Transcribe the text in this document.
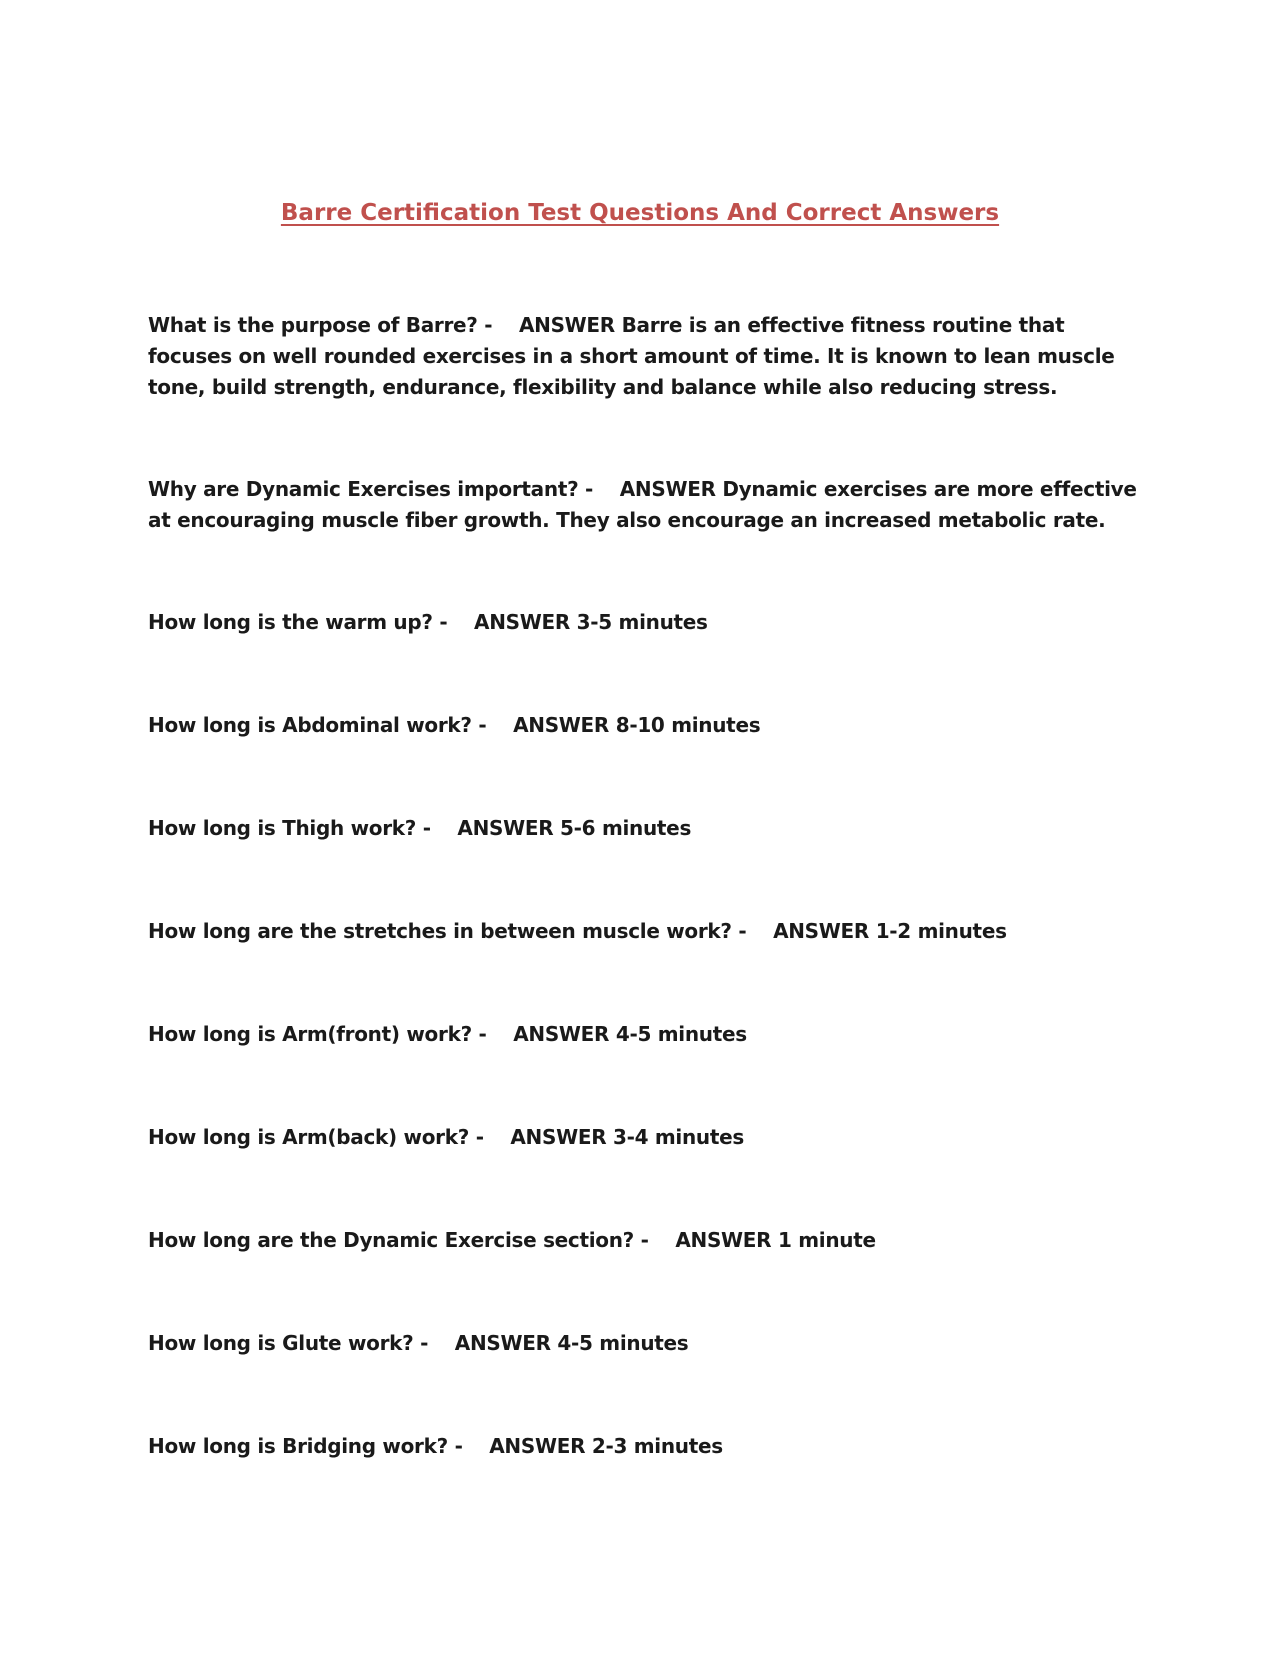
Barre Certification Test Questions And Correct Answers

What is the purpose of Barre? -    ANSWER Barre is an effective fitness routine that focuses on well rounded exercises in a short amount of time. It is known to lean muscle tone, build strength, endurance, flexibility and balance while also reducing stress.

Why are Dynamic Exercises important? -    ANSWER Dynamic exercises are more effective at encouraging muscle fiber growth. They also encourage an increased metabolic rate.

How long is the warm up? -    ANSWER 3-5 minutes

How long is Abdominal work? -    ANSWER 8-10 minutes

How long is Thigh work? -    ANSWER 5-6 minutes

How long are the stretches in between muscle work? -    ANSWER 1-2 minutes

How long is Arm(front) work? -    ANSWER 4-5 minutes

How long is Arm(back) work? -    ANSWER 3-4 minutes

How long are the Dynamic Exercise section? -    ANSWER 1 minute

How long is Glute work? -    ANSWER 4-5 minutes

How long is Bridging work? -    ANSWER 2-3 minutes
